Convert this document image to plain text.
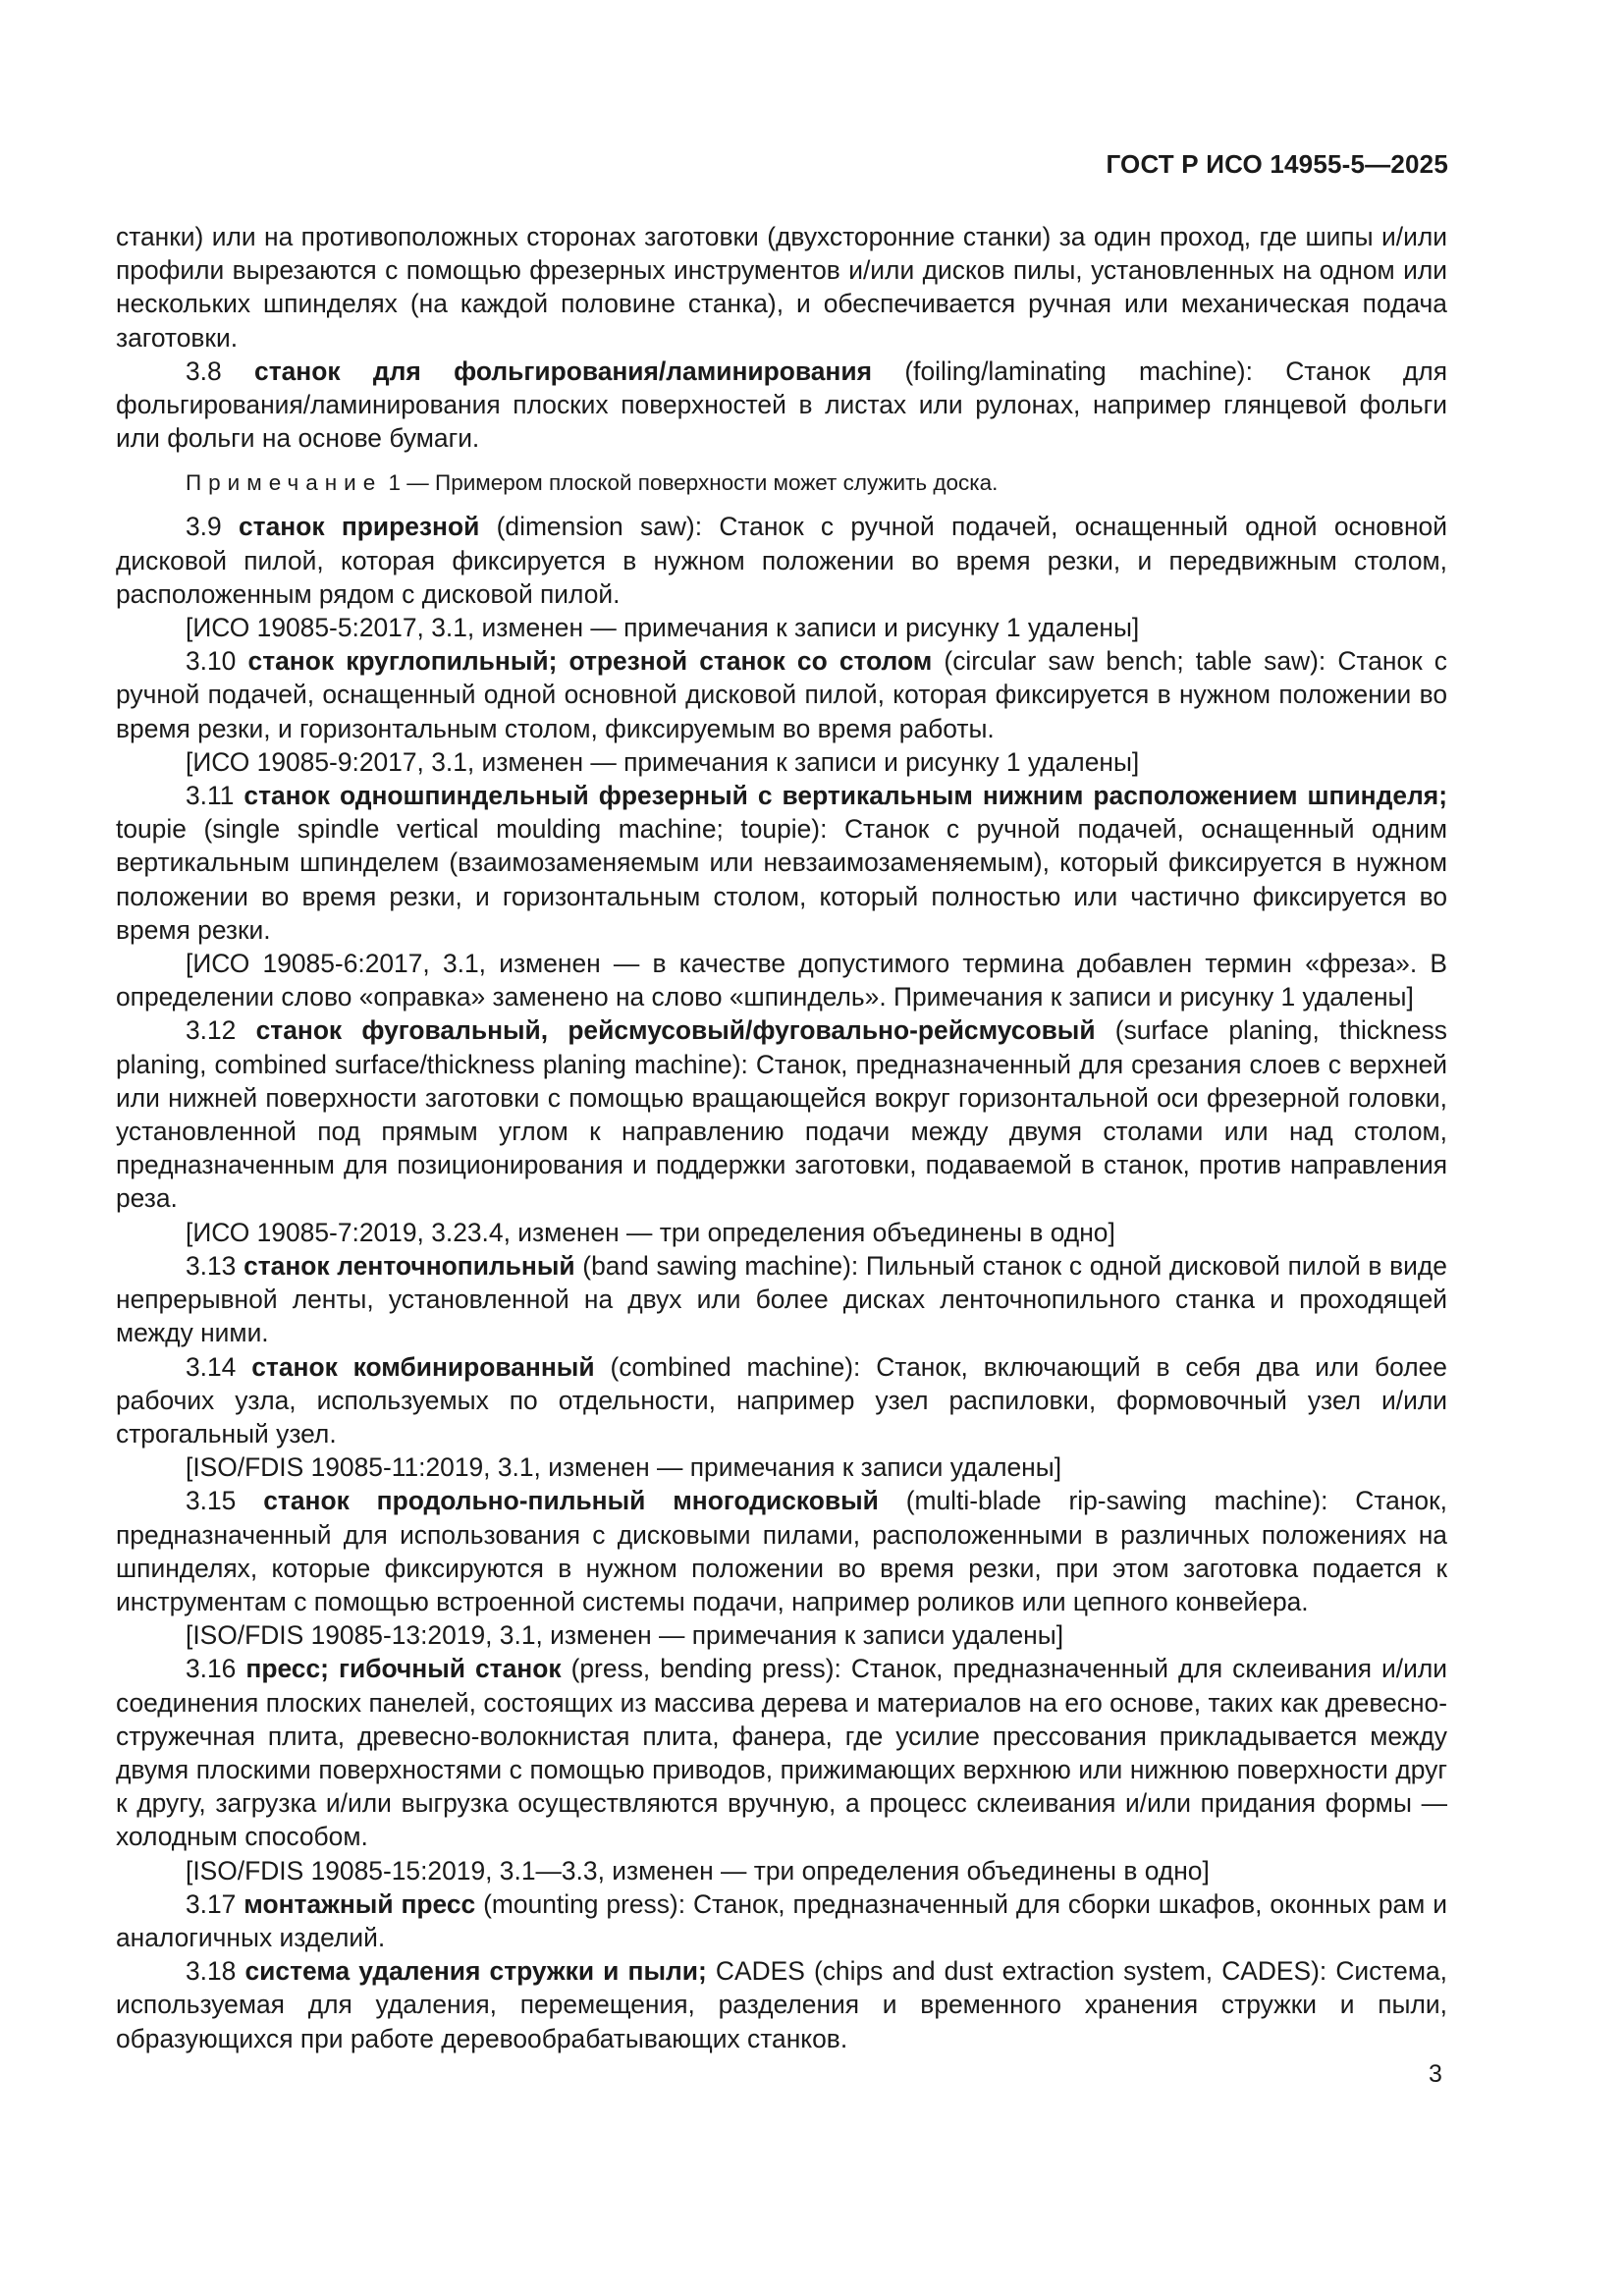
ГОСТ Р ИСО 14955-5—2025

станки) или на противоположных сторонах заготовки (двухсторонние станки) за один проход, где шипы и/или профили вырезаются с помощью фрезерных инструментов и/или дисков пилы, установленных на одном или нескольких шпинделях (на каждой половине станка), и обеспечивается ручная или механическая подача заготовки.

3.8 станок для фольгирования/ламинирования (foiling/laminating machine): Станок для фольгирования/ламинирования плоских поверхностей в листах или рулонах, например глянцевой фольги или фольги на основе бумаги.

Примечание 1 — Примером плоской поверхности может служить доска.

3.9 станок прирезной (dimension saw): Станок с ручной подачей, оснащенный одной основной дисковой пилой, которая фиксируется в нужном положении во время резки, и передвижным столом, расположенным рядом с дисковой пилой.

[ИСО 19085-5:2017, 3.1, изменен — примечания к записи и рисунку 1 удалены]

3.10 станок круглопильный; отрезной станок со столом (circular saw bench; table saw): Станок с ручной подачей, оснащенный одной основной дисковой пилой, которая фиксируется в нужном положении во время резки, и горизонтальным столом, фиксируемым во время работы.

[ИСО 19085-9:2017, 3.1, изменен — примечания к записи и рисунку 1 удалены]

3.11 станок одношпиндельный фрезерный с вертикальным нижним расположением шпинделя; toupie (single spindle vertical moulding machine; toupie): Станок с ручной подачей, оснащенный одним вертикальным шпинделем (взаимозаменяемым или невзаимозаменяемым), который фиксируется в нужном положении во время резки, и горизонтальным столом, который полностью или частично фиксируется во время резки.

[ИСО 19085-6:2017, 3.1, изменен — в качестве допустимого термина добавлен термин «фреза». В определении слово «оправка» заменено на слово «шпиндель». Примечания к записи и рисунку 1 удалены]

3.12 станок фуговальный, рейсмусовый/фуговально-рейсмусовый (surface planing, thickness planing, combined surface/thickness planing machine): Станок, предназначенный для срезания слоев с верхней или нижней поверхности заготовки с помощью вращающейся вокруг горизонтальной оси фрезерной головки, установленной под прямым углом к направлению подачи между двумя столами или над столом, предназначенным для позиционирования и поддержки заготовки, подаваемой в станок, против направления реза.

[ИСО 19085-7:2019, 3.23.4, изменен — три определения объединены в одно]

3.13 станок ленточнопильный (band sawing machine): Пильный станок с одной дисковой пилой в виде непрерывной ленты, установленной на двух или более дисках ленточнопильного станка и проходящей между ними.

3.14 станок комбинированный (combined machine): Станок, включающий в себя два или более рабочих узла, используемых по отдельности, например узел распиловки, формовочный узел и/или строгальный узел.

[ISO/FDIS 19085-11:2019, 3.1, изменен — примечания к записи удалены]

3.15 станок продольно-пильный многодисковый (multi-blade rip-sawing machine): Станок, предназначенный для использования с дисковыми пилами, расположенными в различных положениях на шпинделях, которые фиксируются в нужном положении во время резки, при этом заготовка подается к инструментам с помощью встроенной системы подачи, например роликов или цепного конвейера.

[ISO/FDIS 19085-13:2019, 3.1, изменен — примечания к записи удалены]

3.16 пресс; гибочный станок (press, bending press): Станок, предназначенный для склеивания и/или соединения плоских панелей, состоящих из массива дерева и материалов на его основе, таких как древесно-стружечная плита, древесно-волокнистая плита, фанера, где усилие прессования прикладывается между двумя плоскими поверхностями с помощью приводов, прижимающих верхнюю или нижнюю поверхности друг к другу, загрузка и/или выгрузка осуществляются вручную, а процесс склеивания и/или придания формы — холодным способом.

[ISO/FDIS 19085-15:2019, 3.1—3.3, изменен — три определения объединены в одно]

3.17 монтажный пресс (mounting press): Станок, предназначенный для сборки шкафов, оконных рам и аналогичных изделий.

3.18 система удаления стружки и пыли; CADES (chips and dust extraction system, CADES): Система, используемая для удаления, перемещения, разделения и временного хранения стружки и пыли, образующихся при работе деревообрабатывающих станков.

3
